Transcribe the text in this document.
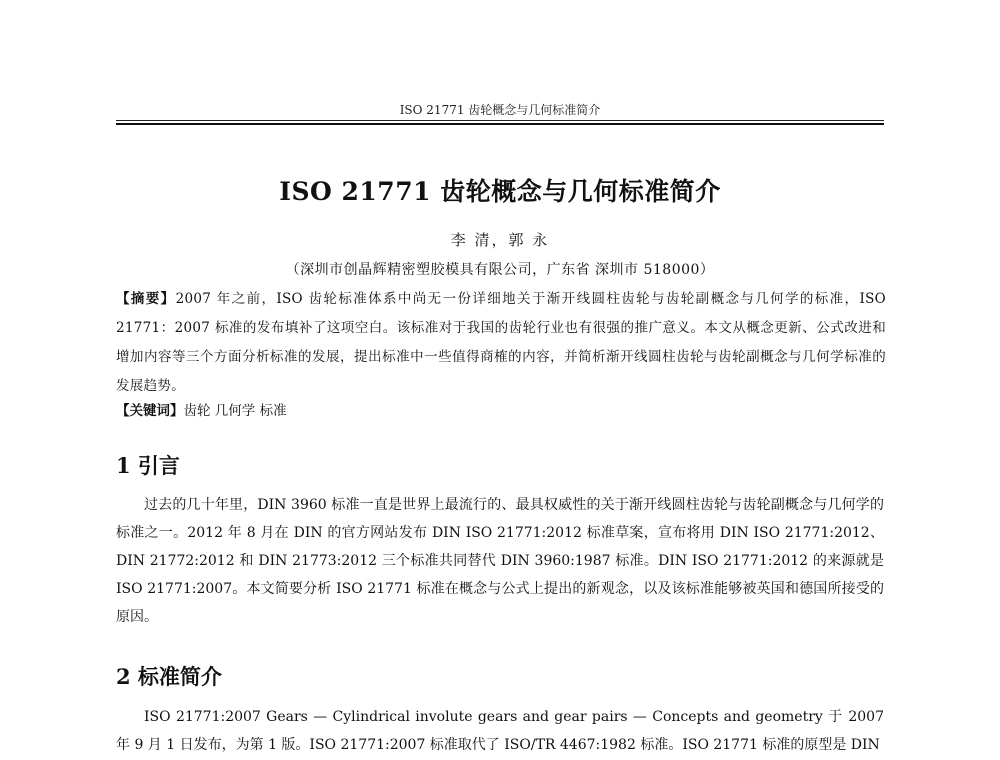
ISO 21771 齿轮概念与几何标准简介
ISO 21771 齿轮概念与几何标准简介
李 清，郭 永
（深圳市创晶辉精密塑胶模具有限公司，广东省 深圳市 518000）
【摘要】2007 年之前，ISO 齿轮标准体系中尚无一份详细地关于渐开线圆柱齿轮与齿轮副概念与几何学的标准，ISO 21771：2007 标准的发布填补了这项空白。该标准对于我国的齿轮行业也有很强的推广意义。本文从概念更新、公式改进和增加内容等三个方面分析标准的发展，提出标准中一些值得商榷的内容，并简析渐开线圆柱齿轮与齿轮副概念与几何学标准的发展趋势。
【关键词】齿轮 几何学 标准
1 引言
过去的几十年里，DIN 3960 标准一直是世界上最流行的、最具权威性的关于渐开线圆柱齿轮与齿轮副概念与几何学的标准之一。2012 年 8 月在 DIN 的官方网站发布 DIN ISO 21771:2012 标准草案，宣布将用 DIN ISO 21771:2012、DIN 21772:2012 和 DIN 21773:2012 三个标准共同替代 DIN 3960:1987 标准。DIN ISO 21771:2012 的来源就是 ISO 21771:2007。本文简要分析 ISO 21771 标准在概念与公式上提出的新观念，以及该标准能够被英国和德国所接受的原因。
2 标准简介
ISO 21771:2007 Gears — Cylindrical involute gears and gear pairs — Concepts and geometry 于 2007 年 9 月 1 日发布，为第 1 版。ISO 21771:2007 标准取代了 ISO/TR 4467:1982 标准。ISO 21771 标准的原型是 DIN
